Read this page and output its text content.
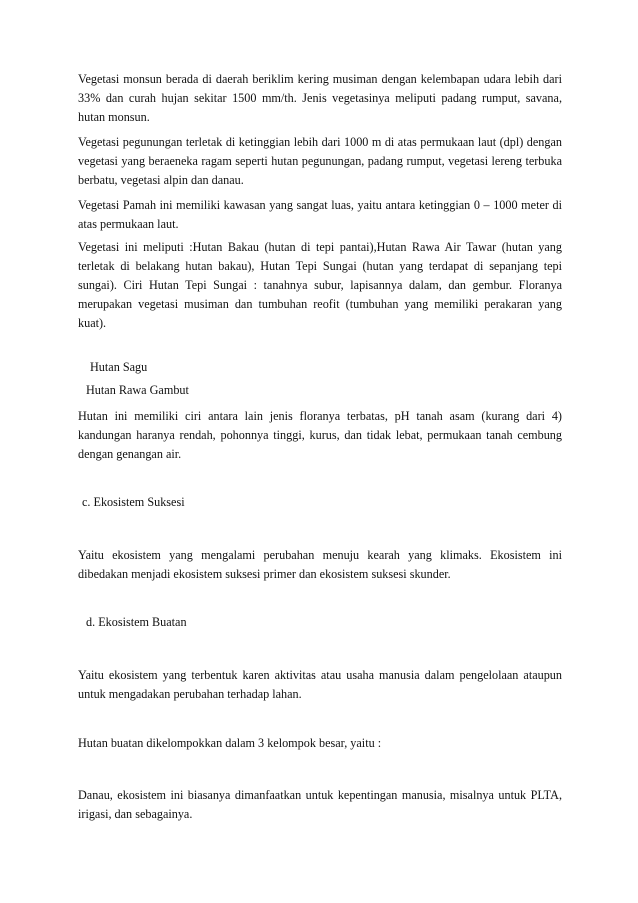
Vegetasi monsun berada di daerah beriklim kering musiman dengan kelembapan udara lebih dari 33% dan curah hujan sekitar 1500 mm/th. Jenis vegetasinya meliputi padang rumput, savana, hutan monsun.

Vegetasi pegunungan terletak di ketinggian lebih dari 1000 m di atas permukaan laut (dpl) dengan vegetasi yang beraeneka ragam seperti hutan pegunungan, padang rumput, vegetasi lereng terbuka berbatu, vegetasi alpin dan danau.

Vegetasi Pamah ini memiliki kawasan yang sangat luas, yaitu antara ketinggian 0 – 1000 meter di atas permukaan laut.

Vegetasi ini meliputi :Hutan Bakau (hutan di tepi pantai),Hutan Rawa Air Tawar (hutan yang terletak di belakang hutan bakau), Hutan Tepi Sungai (hutan yang terdapat di sepanjang tepi sungai). Ciri Hutan Tepi Sungai : tanahnya subur, lapisannya dalam, dan gembur. Floranya merupakan vegetasi musiman dan tumbuhan reofit (tumbuhan yang memiliki perakaran yang kuat).

Hutan Sagu

Hutan Rawa Gambut

Hutan ini memiliki ciri antara lain jenis floranya terbatas, pH tanah asam (kurang dari 4) kandungan haranya rendah, pohonnya tinggi, kurus, dan tidak lebat, permukaan tanah cembung dengan genangan air.

c. Ekosistem Suksesi

Yaitu ekosistem yang mengalami perubahan menuju kearah yang klimaks. Ekosistem ini dibedakan menjadi ekosistem suksesi primer dan ekosistem suksesi skunder.

d. Ekosistem Buatan

Yaitu ekosistem yang terbentuk karen aktivitas atau usaha manusia dalam pengelolaan ataupun untuk mengadakan perubahan terhadap lahan.

Hutan buatan dikelompokkan dalam 3 kelompok besar, yaitu :

Danau, ekosistem ini biasanya dimanfaatkan untuk kepentingan manusia, misalnya untuk PLTA, irigasi, dan sebagainya.
